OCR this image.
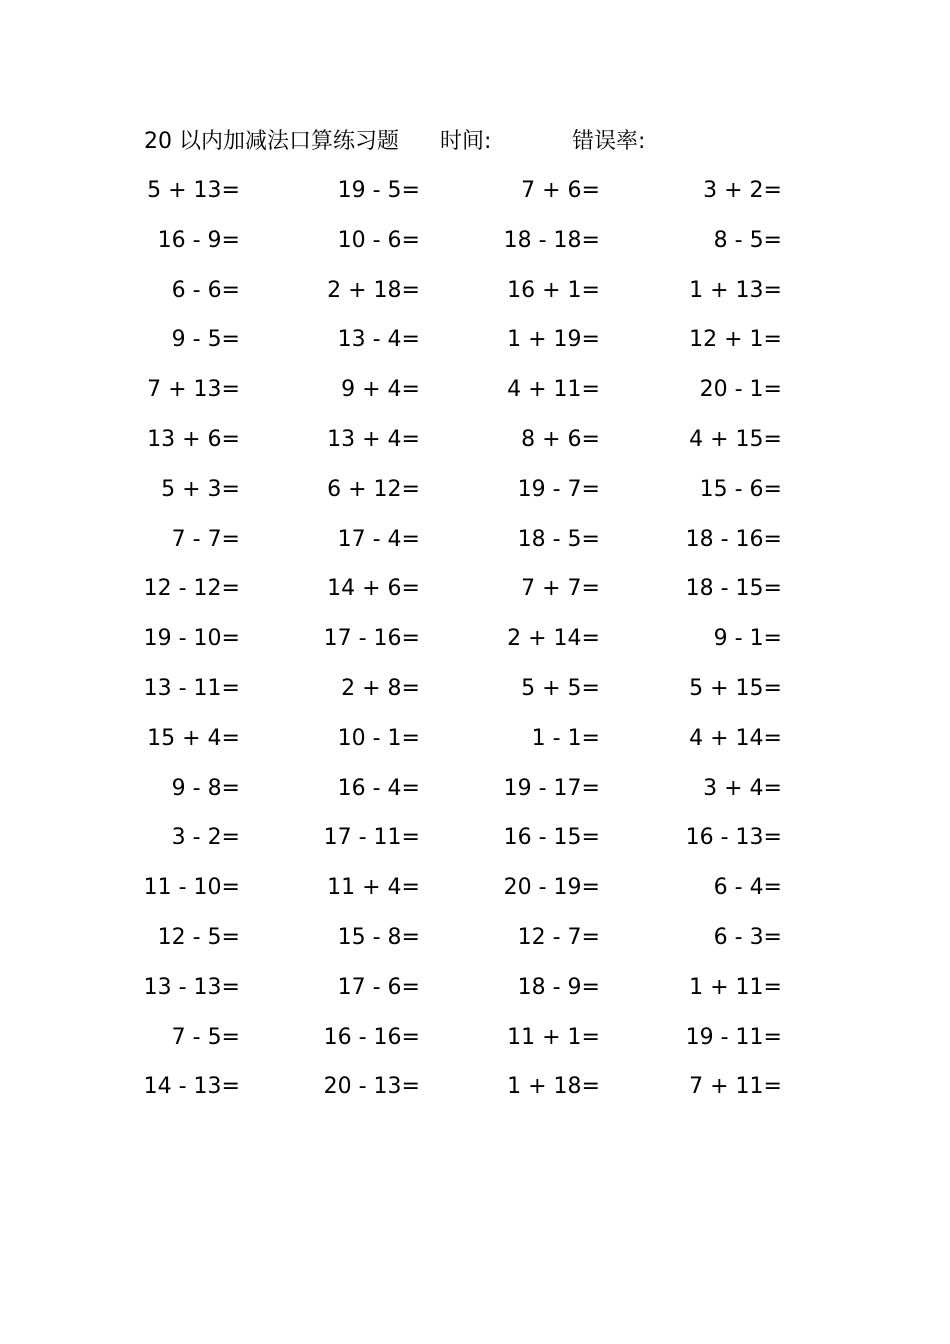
20 以内加减法口算练习题 时间:	错误率:
5 + 13=	19 - 5=	7 + 6=	3 + 2=
16 - 9=	10 - 6=	18 - 18=	8 - 5=
6 - 6=	2 + 18=	16 + 1=	1 + 13=
9 - 5=	13 - 4=	1 + 19=	12 + 1=
7 + 13=	9 + 4=	4 + 11=	20 - 1=
13 + 6=	13 + 4=	8 + 6=	4 + 15=
5 + 3=	6 + 12=	19 - 7=	15 - 6=
7 - 7=	17 - 4=	18 - 5=	18 - 16=
12 - 12=	14 + 6=	7 + 7=	18 - 15=
19 - 10=	17 - 16=	2 + 14=	9 - 1=
13 - 11=	2 + 8=	5 + 5=	5 + 15=
15 + 4=	10 - 1=	1 - 1=	4 + 14=
9 - 8=	16 - 4=	19 - 17=	3 + 4=
3 - 2=	17 - 11=	16 - 15=	16 - 13=
11 - 10=	11 + 4=	20 - 19=	6 - 4=
12 - 5=	15 - 8=	12 - 7=	6 - 3=
13 - 13=	17 - 6=	18 - 9=	1 + 11=
7 - 5=	16 - 16=	11 + 1=	19 - 11=
14 - 13=	20 - 13=	1 + 18=	7 + 11=
